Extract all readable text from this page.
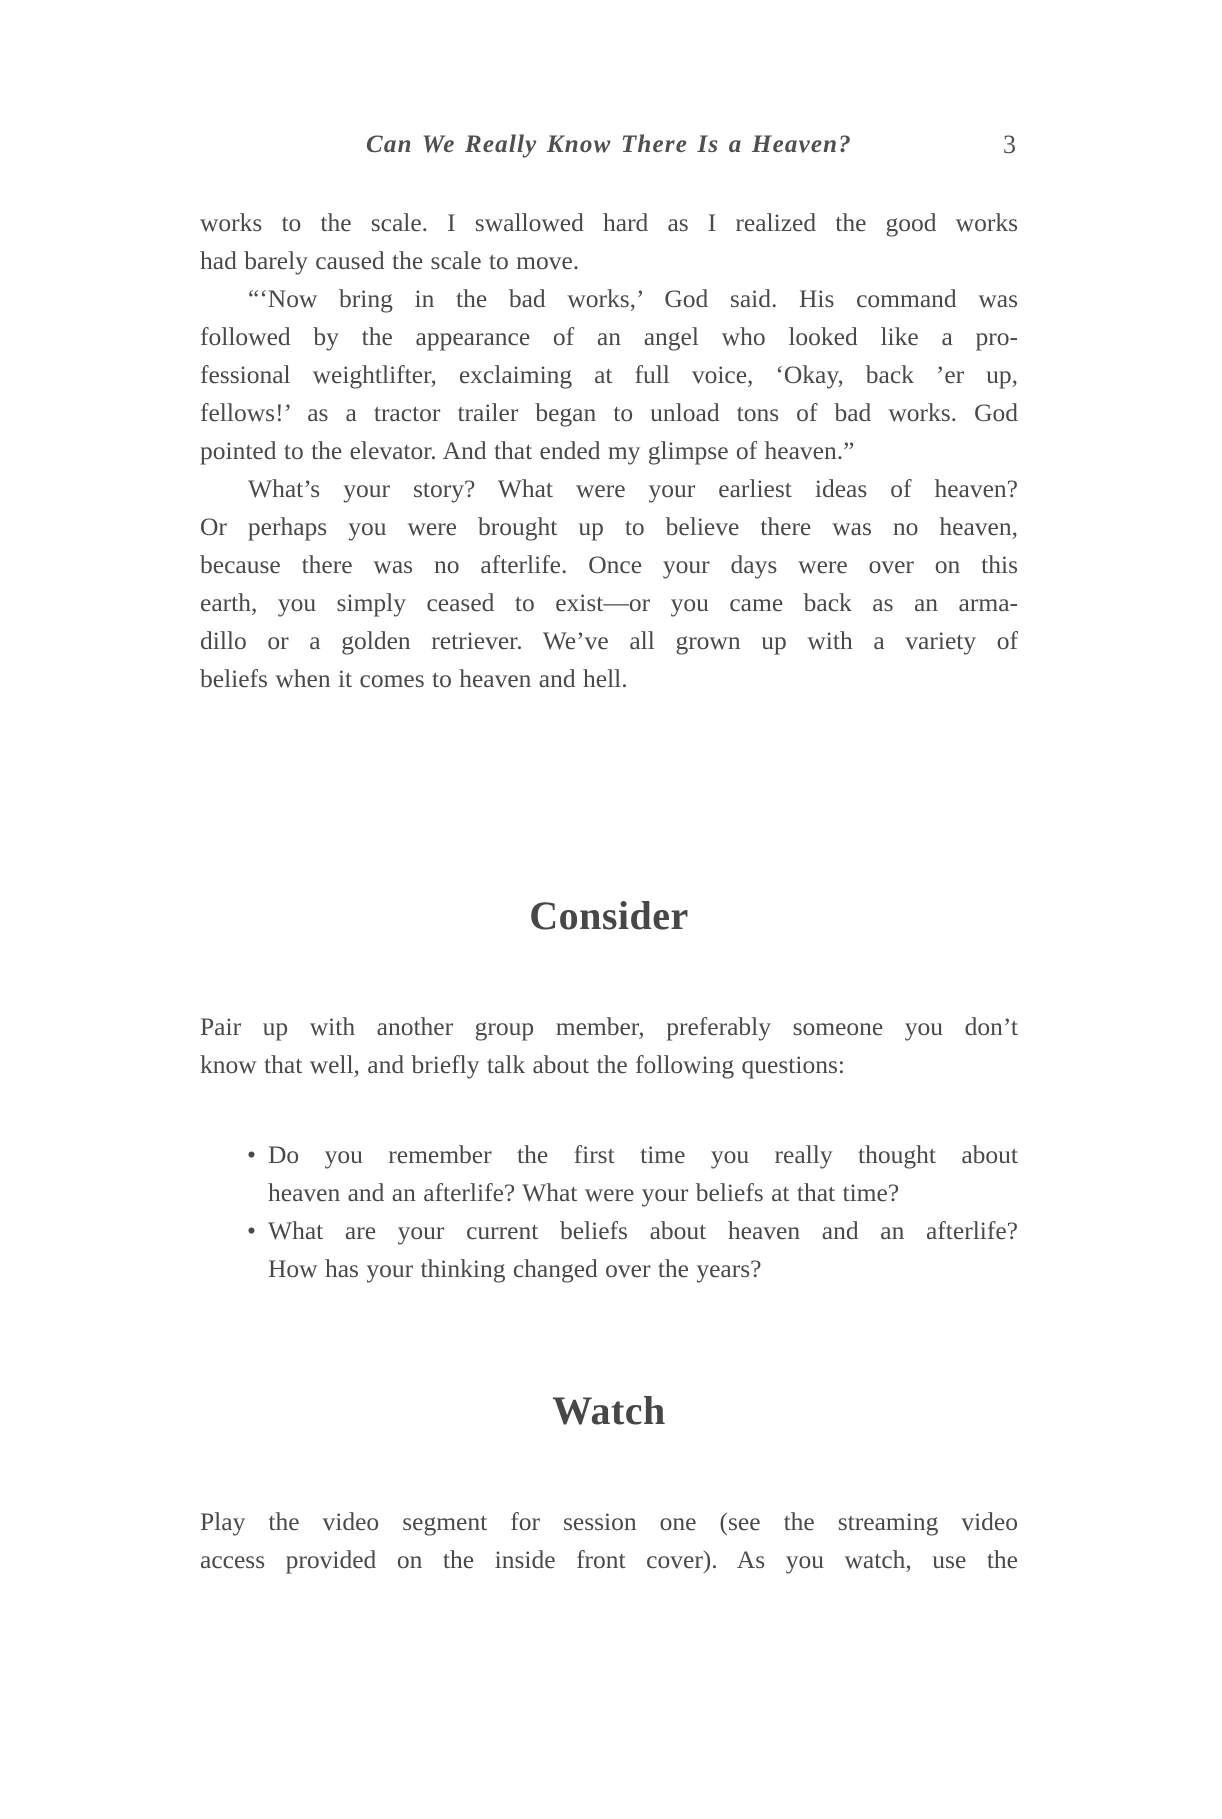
Can We Really Know There Is a Heaven?	3
works to the scale. I swallowed hard as I realized the good works
had barely caused the scale to move.
“‘Now bring in the bad works,’ God said. His command was
followed by the appearance of an angel who looked like a pro-
fessional weightlifter, exclaiming at full voice, ‘Okay, back ’er up,
fellows!’ as a tractor trailer began to unload tons of bad works. God
pointed to the elevator. And that ended my glimpse of heaven.”
What’s your story? What were your earliest ideas of heaven?
Or perhaps you were brought up to believe there was no heaven,
because there was no afterlife. Once your days were over on this
earth, you simply ceased to exist—or you came back as an arma-
dillo or a golden retriever. We’ve all grown up with a variety of
beliefs when it comes to heaven and hell.
Consider
Pair up with another group member, preferably someone you don’t
know that well, and briefly talk about the following questions:
• Do you remember the first time you really thought about
heaven and an afterlife? What were your beliefs at that time?
• What are your current beliefs about heaven and an afterlife?
How has your thinking changed over the years?
Watch
Play the video segment for session one (see the streaming video
access provided on the inside front cover). As you watch, use the
